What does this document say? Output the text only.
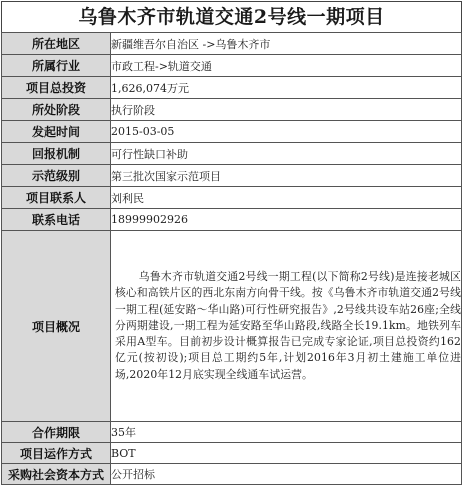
乌鲁木齐市轨道交通2号线一期项目
所在地区	新疆维吾尔自治区 ->乌鲁木齐市
所属行业	市政工程->轨道交通
项目总投资	1,626,074万元
所处阶段	执行阶段
发起时间	2015-03-05
回报机制	可行性缺口补助
示范级别	第三批次国家示范项目
项目联系人	刘利民
联系电话	18999902926
项目概况	乌鲁木齐市轨道交通2号线一期工程(以下简称2号线)是连接老城区核心和高铁片区的西北东南方向骨干线。按《乌鲁木齐市轨道交通2号线一期工程(延安路～华山路)可行性研究报告》,2号线共设车站26座;全线分两期建设,一期工程为延安路至华山路段,线路全长19.1km。地铁列车采用A型车。目前初步设计概算报告已完成专家论证,项目总投资约162亿元(按初设);项目总工期约5年,计划2016年3月初土建施工单位进场,2020年12月底实现全线通车试运营。
合作期限	35年
项目运作方式	BOT
采购社会资本方式	公开招标
